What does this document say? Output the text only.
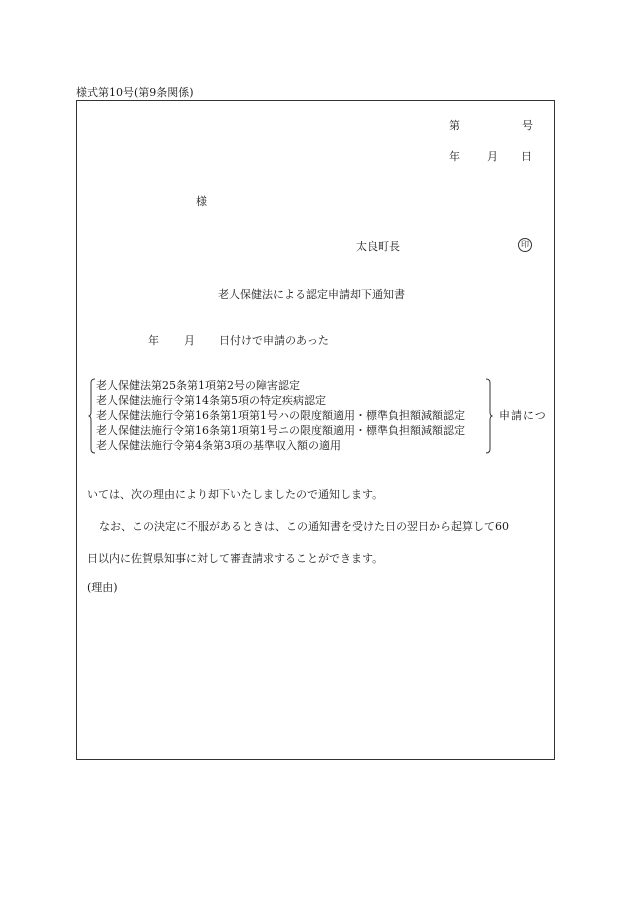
様式第10号(第9条関係)
第	号
年 月 日
様
太良町長	印
老人保健法による認定申請却下通知書
年 月 日付けで申請のあった
老人保健法第25条第1項第2号の障害認定
老人保健法施行令第14条第5項の特定疾病認定
老人保健法施行令第16条第1項第1号ハの限度額適用・標準負担額減額認定
老人保健法施行令第16条第1項第1号ニの限度額適用・標準負担額減額認定
老人保健法施行令第4条第3項の基準収入額の適用
申請につ
いては、次の理由により却下いたしましたので通知します。
なお、この決定に不服があるときは、この通知書を受けた日の翌日から起算して60
日以内に佐賀県知事に対して審査請求することができます。
(理由)
